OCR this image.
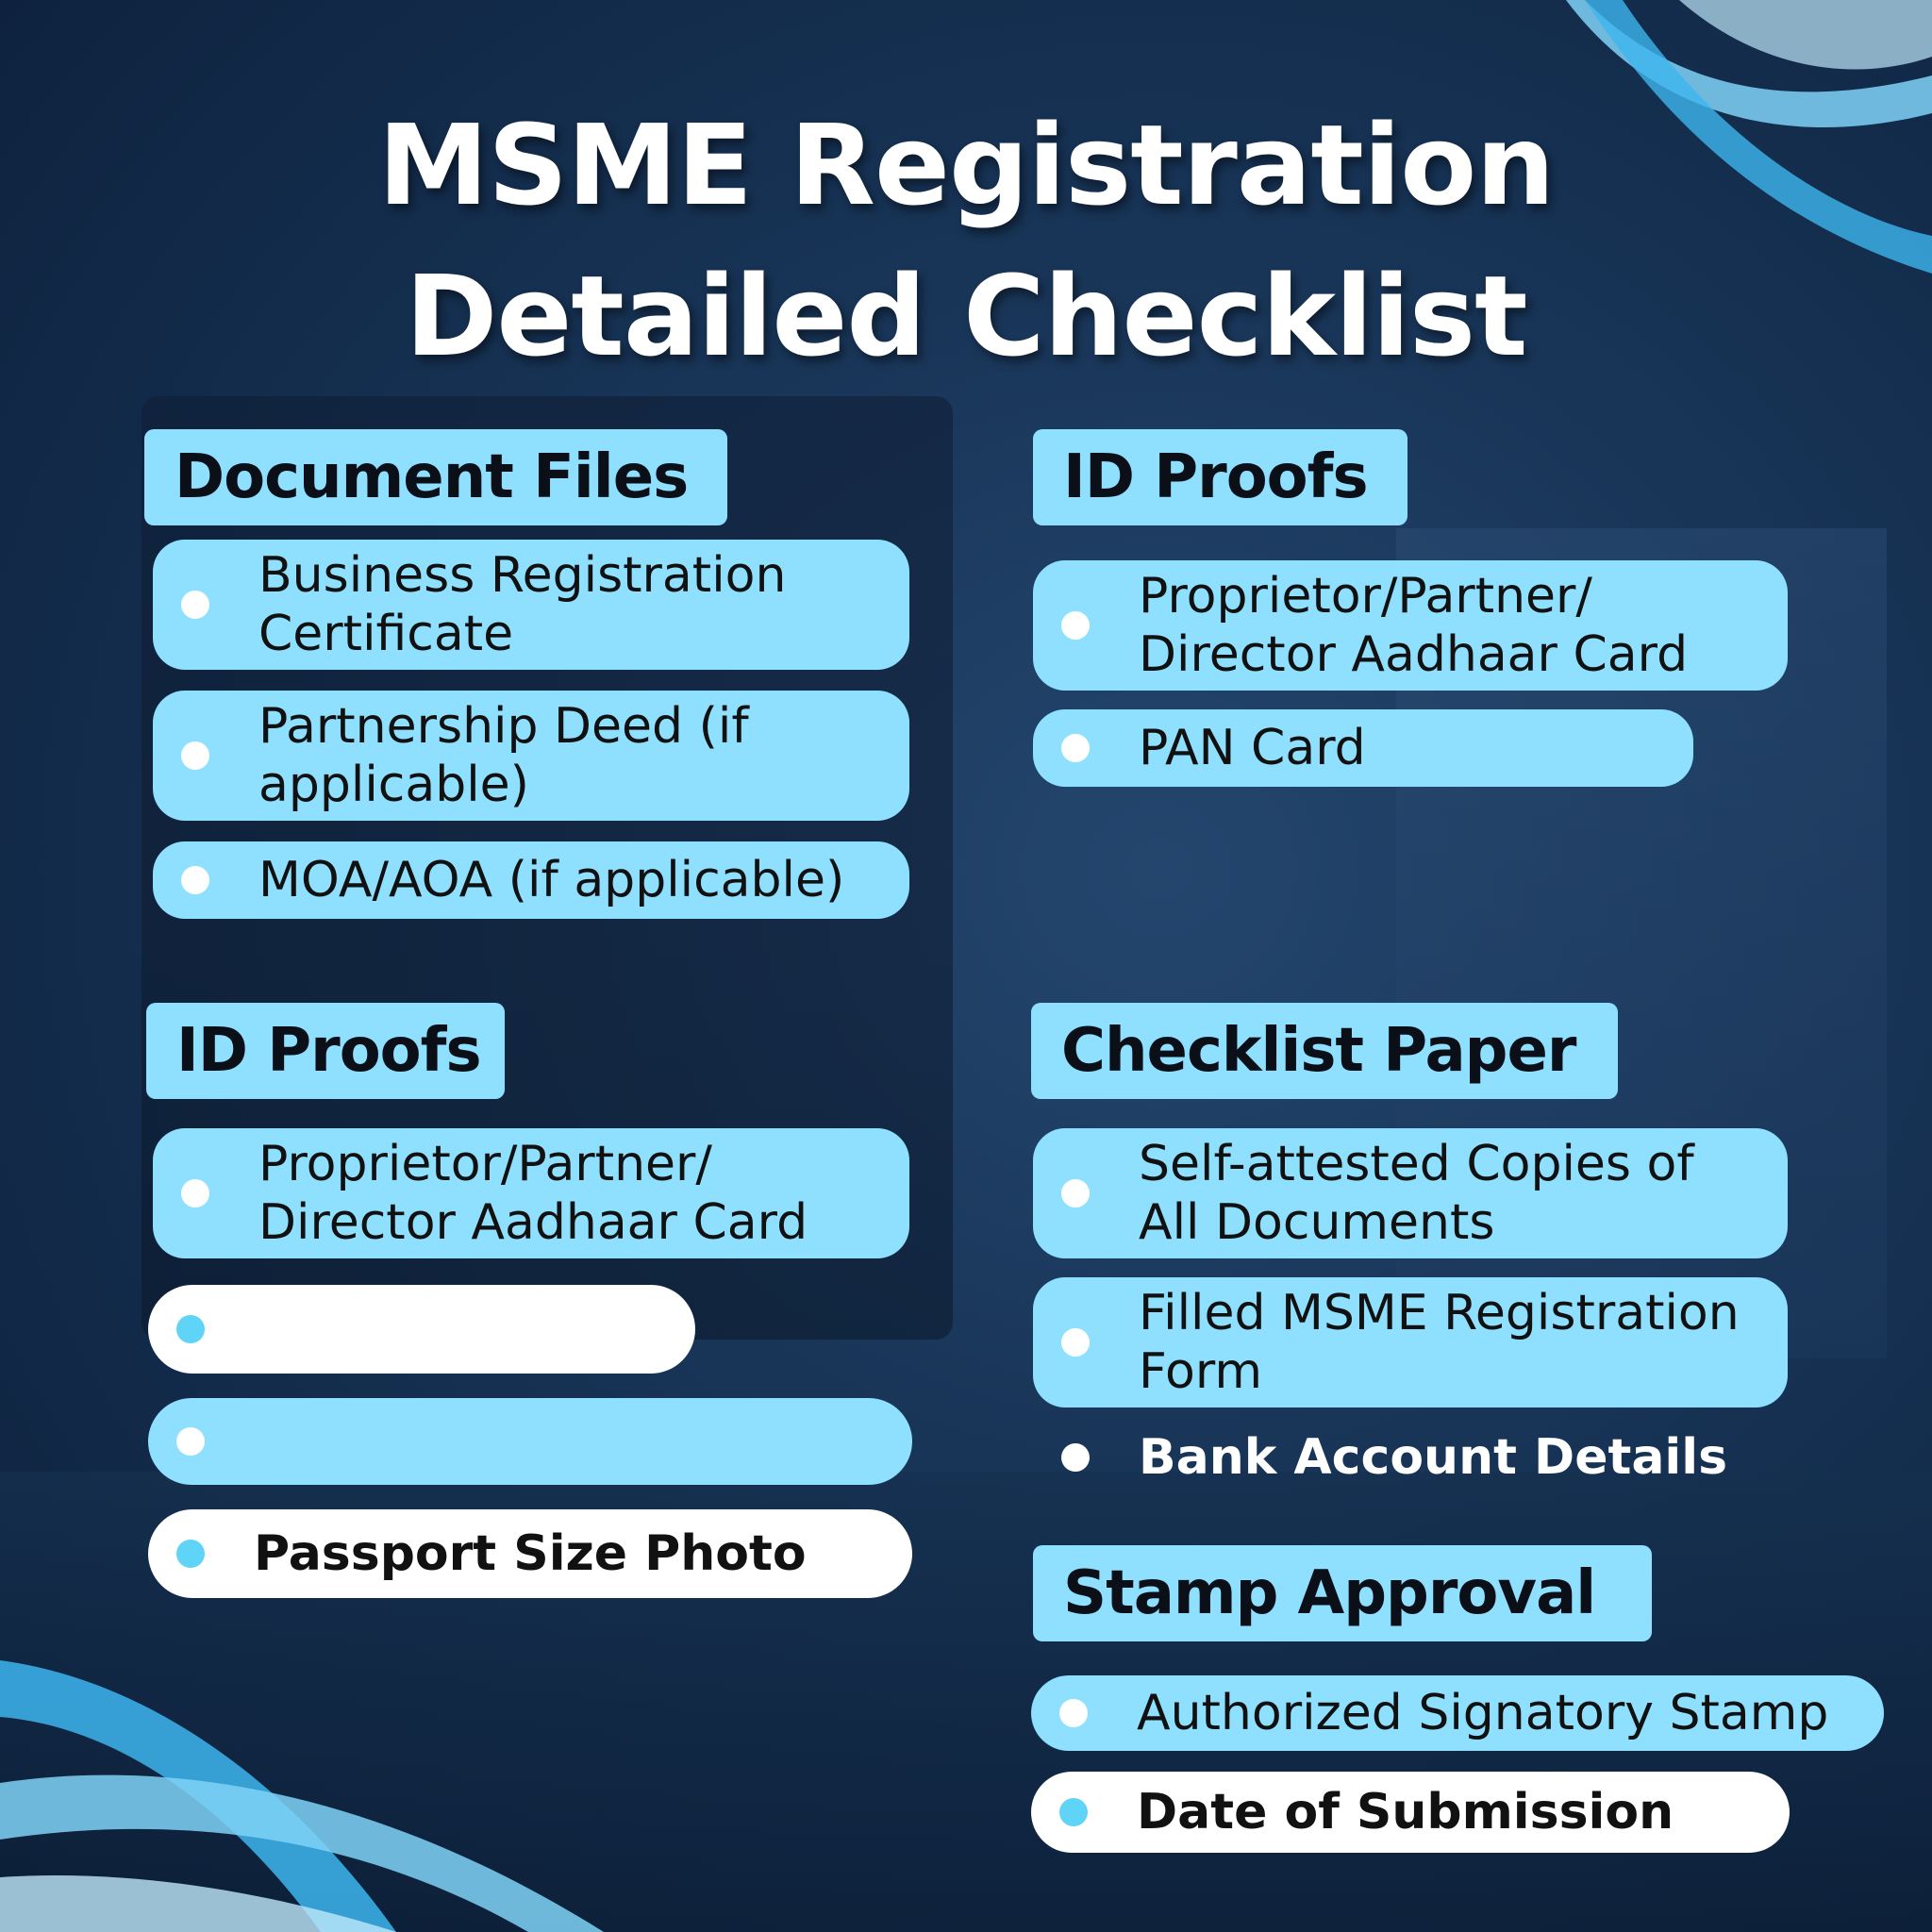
MSME Registration
Detailed Checklist
Document Files
Business Registration Certificate
Partnership Deed (if applicable)
MOA/AOA (if applicable)
ID Proofs
Proprietor/Partner/ Director Aadhaar Card
PAN Card
ID Proofs
Proprietor/Partner/ Director Aadhaar Card
Passport Size Photo
Checklist Paper
Self-attested Copies of All Documents
Filled MSME Registration Form
Bank Account Details
Stamp Approval
Authorized Signatory Stamp
Date of Submission
